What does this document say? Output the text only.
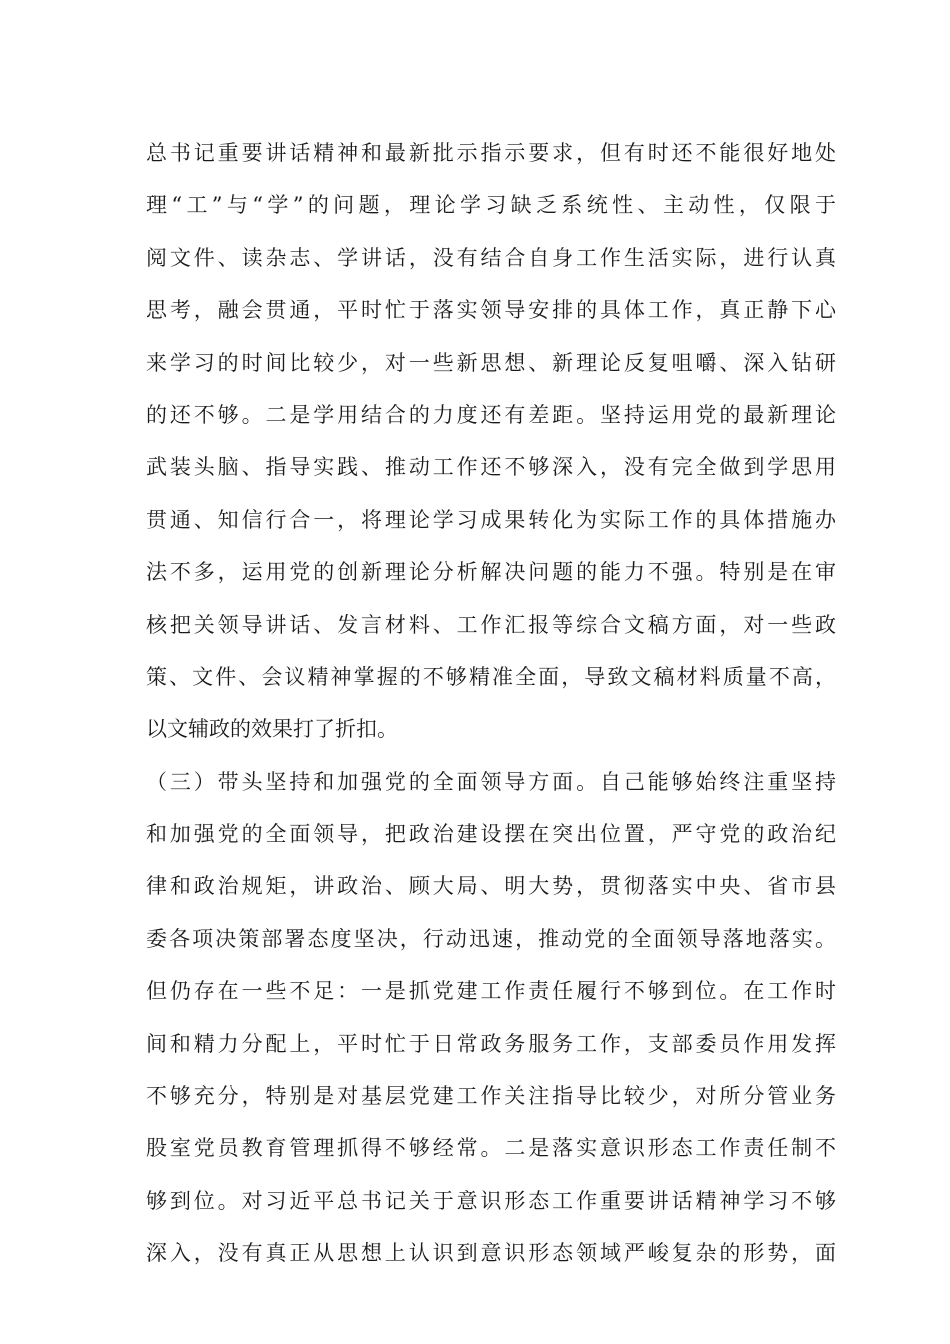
总书记重要讲话精神和最新批示指示要求，但有时还不能很好地处
理“工”与“学”的问题，理论学习缺乏系统性、主动性，仅限于
阅文件、读杂志、学讲话，没有结合自身工作生活实际，进行认真
思考，融会贯通，平时忙于落实领导安排的具体工作，真正静下心
来学习的时间比较少，对一些新思想、新理论反复咀嚼、深入钻研
的还不够。二是学用结合的力度还有差距。坚持运用党的最新理论
武装头脑、指导实践、推动工作还不够深入，没有完全做到学思用
贯通、知信行合一，将理论学习成果转化为实际工作的具体措施办
法不多，运用党的创新理论分析解决问题的能力不强。特别是在审
核把关领导讲话、发言材料、工作汇报等综合文稿方面，对一些政
策、文件、会议精神掌握的不够精准全面，导致文稿材料质量不高，
以文辅政的效果打了折扣。
（三）带头坚持和加强党的全面领导方面。自己能够始终注重坚持
和加强党的全面领导，把政治建设摆在突出位置，严守党的政治纪
律和政治规矩，讲政治、顾大局、明大势，贯彻落实中央、省市县
委各项决策部署态度坚决，行动迅速，推动党的全面领导落地落实。
但仍存在一些不足：一是抓党建工作责任履行不够到位。在工作时
间和精力分配上，平时忙于日常政务服务工作，支部委员作用发挥
不够充分，特别是对基层党建工作关注指导比较少，对所分管业务
股室党员教育管理抓得不够经常。二是落实意识形态工作责任制不
够到位。对习近平总书记关于意识形态工作重要讲话精神学习不够
深入，没有真正从思想上认识到意识形态领域严峻复杂的形势，面
